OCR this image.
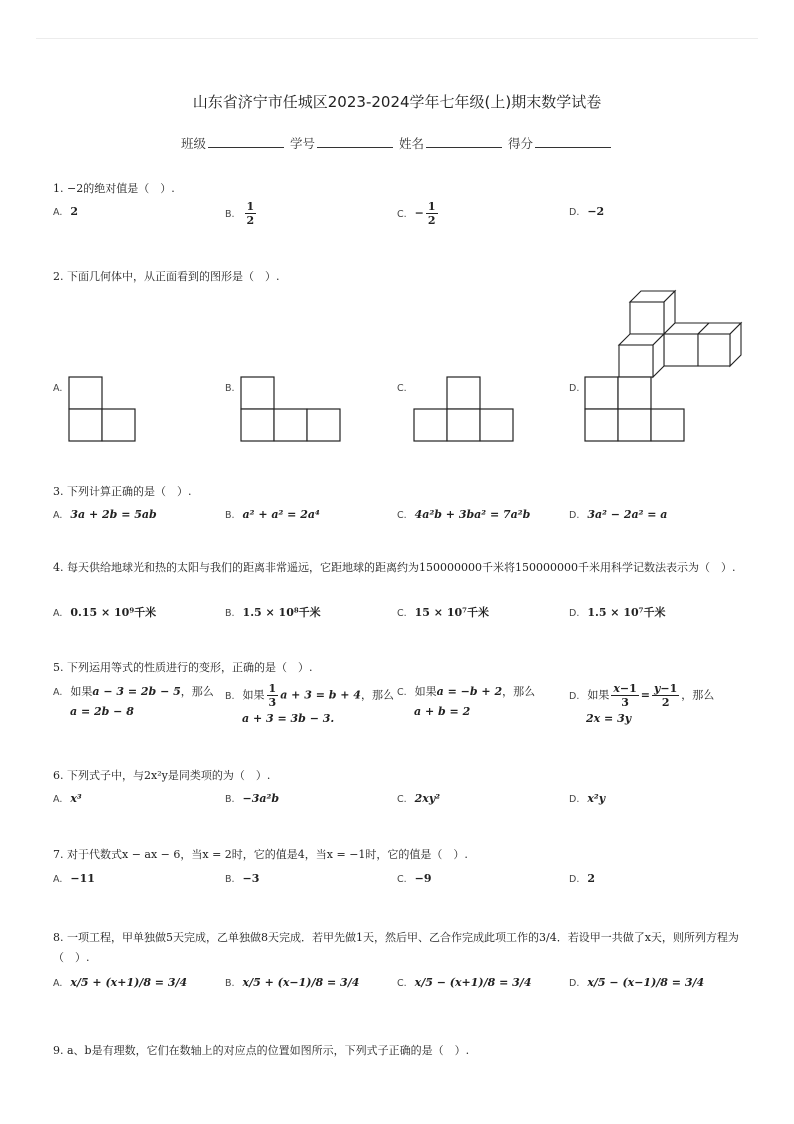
山东省济宁市任城区2023-2024学年七年级(上)期末数学试卷
班级	学号	姓名	得分
1. −2的绝对值是（　）.
A. 2	B. $\frac{1}{2}$	C. − $\frac{1}{2}$	D. −2
2. 下面几何体中，从正面看到的图形是（　）.
A.	B.	C.	D.
3. 下列计算正确的是（　）.
A. 3a + 2b = 5ab	B. a² + a² = 2a⁴	C. 4a²b + 3ba² = 7a²b	D. 3a² − 2a² = a
4. 每天供给地球光和热的太阳与我们的距离非常遥远，它距地球的距离约为150000000千米将150000000千米用科学记数法表示为（　）.
A. 0.15 × 10⁹千米	B. 1.5 × 10⁸千米	C. 15 × 10⁷千米	D. 1.5 × 10⁷千米
5. 下列运用等式的性质进行的变形，正确的是（　）.
A. 如果a − 3 = 2b − 5，那么
a = 2b − 8
B. 如果 $\frac{1}{3}$ a + 3 = b + 4，那么
a + 3 = 3b − 3.
C. 如果a = −b + 2，那么
a + b = 2
D. 如果 $\frac{x-1}{3} = \frac{y-1}{2}$ ，那么
2x = 3y
6. 下列式子中，与2x²y是同类项的为（　）.
A. x³	B. −3a²b	C. 2xy²	D. x²y
7. 对于代数式x − ax − 6，当x = 2时，它的值是4，当x = −1时，它的值是（　）.
A. −11	B. −3	C. −9	D. 2
8. 一项工程，甲单独做5天完成，乙单独做8天完成．若甲先做1天，然后甲、乙合作完成此项工作的3/4．若设甲一共做了x天，则所列方程为（　）.
A. x/5 + (x+1)/8 = 3/4	B. x/5 + (x−1)/8 = 3/4	C. x/5 − (x+1)/8 = 3/4	D. x/5 − (x−1)/8 = 3/4
9. a、b是有理数，它们在数轴上的对应点的位置如图所示，下列式子正确的是（　）.
